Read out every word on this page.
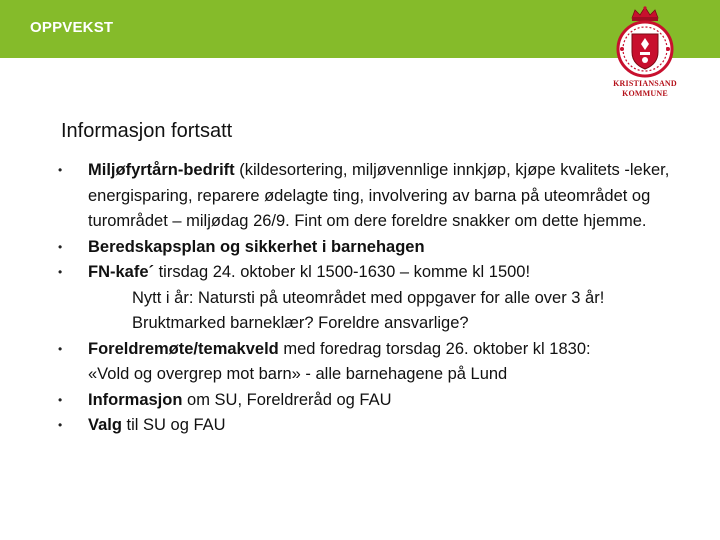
OPPVEKST
KRISTIANSAND
KOMMUNE
Informasjon fortsatt
•	Miljøfyrtårn-bedrift (kildesortering, miljøvennlige innkjøp, kjøpe kvalitets -leker, energisparing, reparere ødelagte ting, involvering av barna på uteområdet og turområdet – miljødag 26/9. Fint om dere foreldre snakker om dette hjemme.
•	Beredskapsplan og sikkerhet i barnehagen
•	FN-kafe´ tirsdag 24. oktober kl 1500-1630 – komme kl 1500!
Nytt i år: Natursti på uteområdet med oppgaver for alle over 3 år!
Bruktmarked barneklær? Foreldre ansvarlige?
•	Foreldremøte/temakveld med foredrag torsdag 26. oktober kl 1830:
«Vold og overgrep mot barn» - alle barnehagene på Lund
•	Informasjon om SU, Foreldreråd og FAU
•	Valg til SU og FAU
